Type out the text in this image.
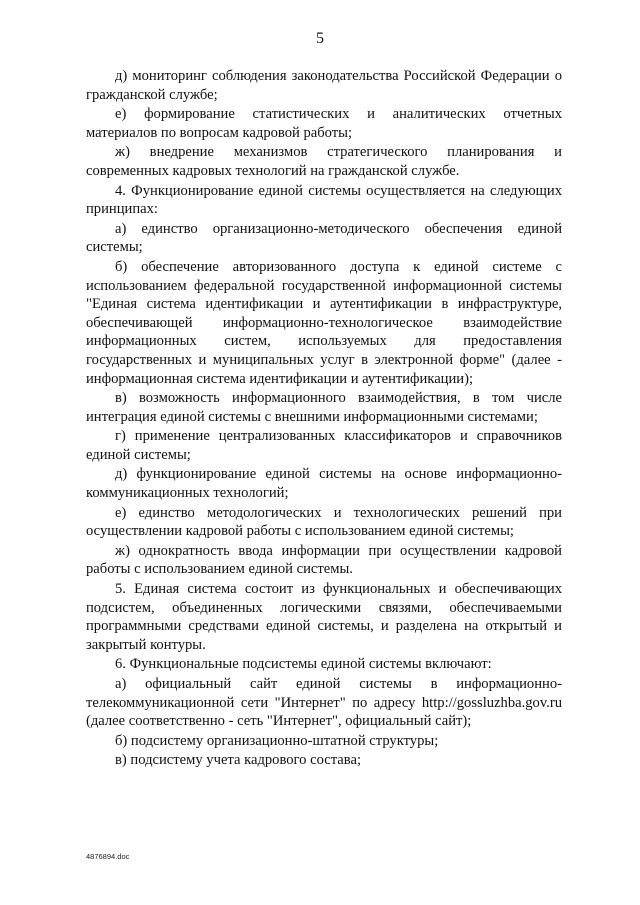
5

д) мониторинг соблюдения законодательства Российской Федерации о гражданской службе;

е) формирование статистических и аналитических отчетных материалов по вопросам кадровой работы;

ж) внедрение механизмов стратегического планирования и современных кадровых технологий на гражданской службе.

4. Функционирование единой системы осуществляется на следующих принципах:

а) единство организационно-методического обеспечения единой системы;

б) обеспечение авторизованного доступа к единой системе с использованием федеральной государственной информационной системы "Единая система идентификации и аутентификации в инфраструктуре, обеспечивающей информационно-технологическое взаимодействие информационных систем, используемых для предоставления государственных и муниципальных услуг в электронной форме" (далее - информационная система идентификации и аутентификации);

в) возможность информационного взаимодействия, в том числе интеграция единой системы с внешними информационными системами;

г) применение централизованных классификаторов и справочников единой системы;

д) функционирование единой системы на основе информационно-коммуникационных технологий;

е) единство методологических и технологических решений при осуществлении кадровой работы с использованием единой системы;

ж) однократность ввода информации при осуществлении кадровой работы с использованием единой системы.

5. Единая система состоит из функциональных и обеспечивающих подсистем, объединенных логическими связями, обеспечиваемыми программными средствами единой системы, и разделена на открытый и закрытый контуры.

6. Функциональные подсистемы единой системы включают:

а) официальный сайт единой системы в информационно-телекоммуникационной сети "Интернет" по адресу http://gossluzhba.gov.ru (далее соответственно - сеть "Интернет", официальный сайт);

б) подсистему организационно-штатной структуры;

в) подсистему учета кадрового состава;

4876894.doc
